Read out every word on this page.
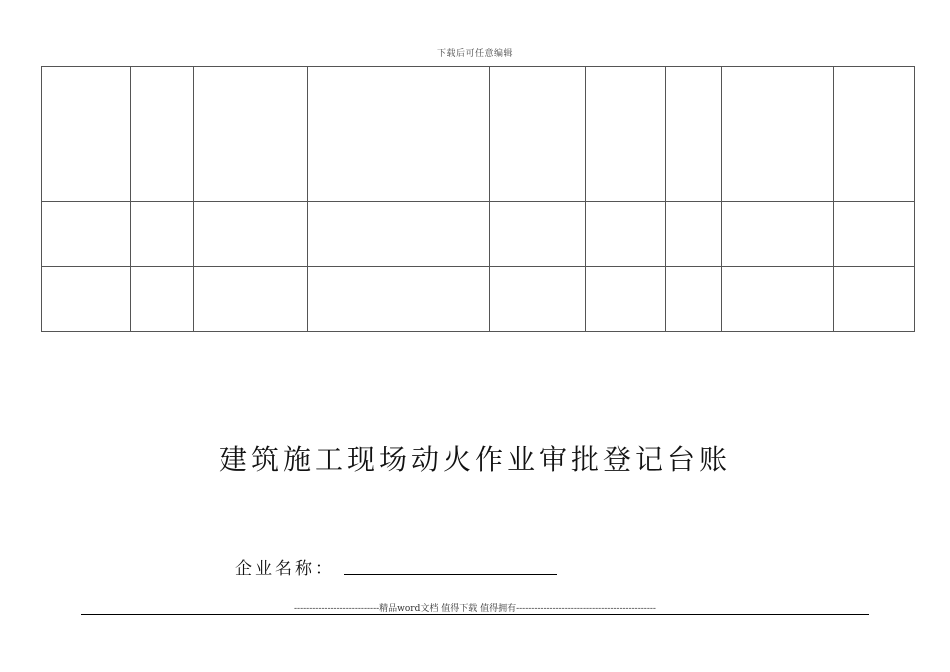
下载后可任意编辑

建筑施工现场动火作业审批登记台账
企业名称：
----------------------------精品word文档 值得下载 值得拥有----------------------------------------------
